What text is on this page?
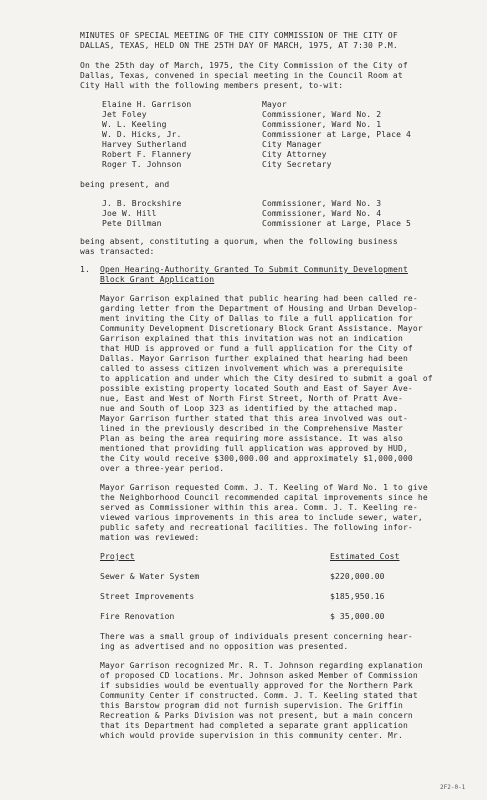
MINUTES OF SPECIAL MEETING OF THE CITY COMMISSION OF THE CITY OF
DALLAS, TEXAS, HELD ON THE 25TH DAY OF MARCH, 1975, AT 7:30 P.M.
On the 25th day of March, 1975, the City Commission of the City of
Dallas, Texas, convened in special meeting in the Council Room at
City Hall with the following members present, to-wit:
Elaine H. Garrison	Mayor
Jet Foley	Commissioner, Ward No. 2
W. L. Keeling	Commissioner, Ward No. 1
W. D. Hicks, Jr.	Commissioner at Large, Place 4
Harvey Sutherland	City Manager
Robert F. Flannery	City Attorney
Roger T. Johnson	City Secretary
being present, and
J. B. Brockshire	Commissioner, Ward No. 3
Joe W. Hill	Commissioner, Ward No. 4
Pete Dillman	Commissioner at Large, Place 5
being absent, constituting a quorum, when the following business
was transacted:
1. Open Hearing-Authority Granted To Submit Community Development
Block Grant Application
Mayor Garrison explained that public hearing had been called re-
garding letter from the Department of Housing and Urban Develop-
ment inviting the City of Dallas to file a full application for
Community Development Discretionary Block Grant Assistance. Mayor
Garrison explained that this invitation was not an indication
that HUD is approved or fund a full application for the City of
Dallas. Mayor Garrison further explained that hearing had been
called to assess citizen involvement which was a prerequisite
to application and under which the City desired to submit a goal of
possible existing property located South and East of Sayer Ave-
nue, East and West of North First Street, North of Pratt Ave-
nue and South of Loop 323 as identified by the attached map.
Mayor Garrison further stated that this area involved was out-
lined in the previously described in the Comprehensive Master
Plan as being the area requiring more assistance. It was also
mentioned that providing full application was approved by HUD,
the City would receive $300,000.00 and approximately $1,000,000
over a three-year period.
Mayor Garrison requested Comm. J. T. Keeling of Ward No. 1 to give
the Neighborhood Council recommended capital improvements since he
served as Commissioner within this area. Comm. J. T. Keeling re-
viewed various improvements in this area to include sewer, water,
public safety and recreational facilities. The following infor-
mation was reviewed:
Project	Estimated Cost
Sewer & Water System	$220,000.00
Street Improvements	$185,950.16
Fire Renovation	$ 35,000.00
There was a small group of individuals present concerning hear-
ing as advertised and no opposition was presented.
Mayor Garrison recognized Mr. R. T. Johnson regarding explanation
of proposed CD locations. Mr. Johnson asked Member of Commission
if subsidies would be eventually approved for the Northern Park
Community Center if constructed. Comm. J. T. Keeling stated that
this Barstow program did not furnish supervision. The Griffin
Recreation & Parks Division was not present, but a main concern
that its Department had completed a separate grant application
which would provide supervision in this community center. Mr.
2F2-0-1
